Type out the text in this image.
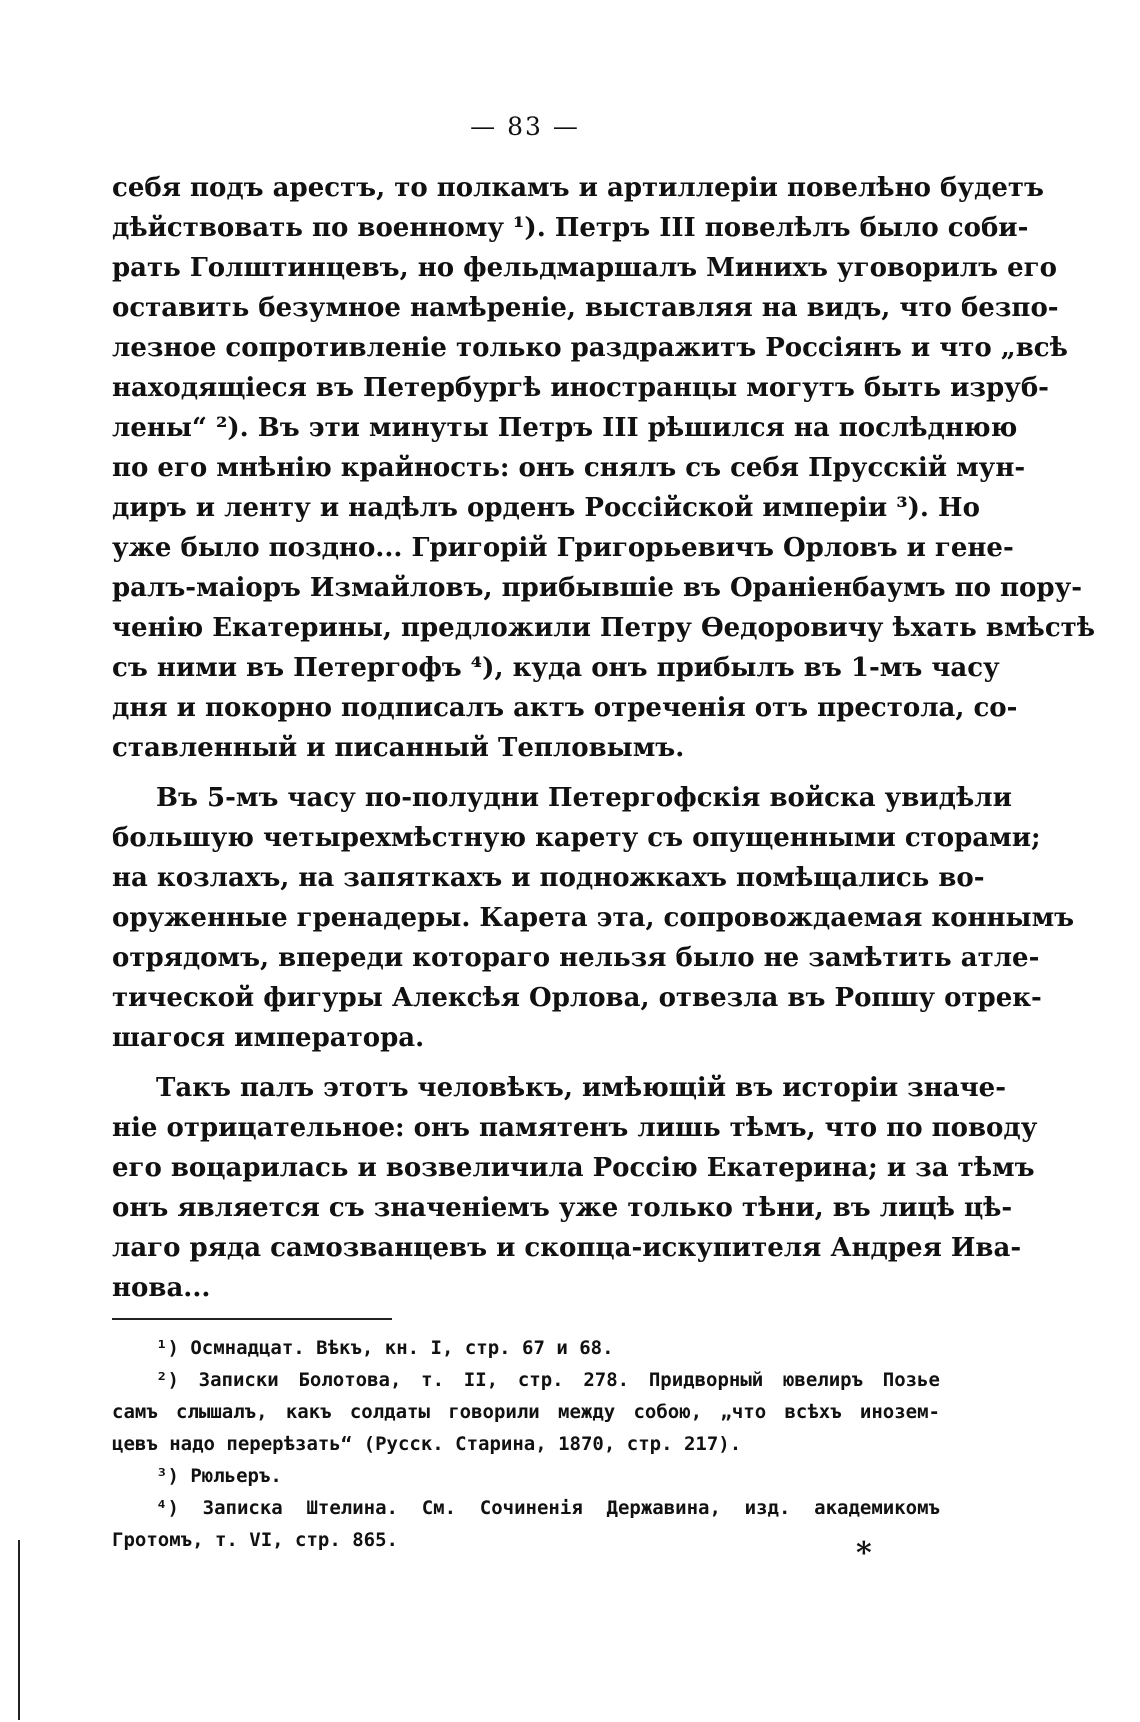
— 83 —
себя подъ арестъ, то полкамъ и артиллеріи повелѣно будетъ
дѣйствовать по военному ¹). Петръ III повелѣлъ было соби-
рать Голштинцевъ, но фельдмаршалъ Минихъ уговорилъ его
оставить безумное намѣреніе, выставляя на видъ, что безпо-
лезное сопротивленіе только раздражитъ Россіянъ и что „всѣ
находящіеся въ Петербургѣ иностранцы могутъ быть изруб-
лены“ ²). Въ эти минуты Петръ III рѣшился на послѣднюю
по его мнѣнію крайность: онъ снялъ съ себя Прусскій мун-
диръ и ленту и надѣлъ орденъ Россійской имперіи ³). Но
уже было поздно... Григорій Григорьевичъ Орловъ и гене-
ралъ-маіоръ Измайловъ, прибывшіе въ Ораніенбаумъ по пору-
ченію Екатерины, предложили Петру Ѳедоровичу ѣхать вмѣстѣ
съ ними въ Петергофъ ⁴), куда онъ прибылъ въ 1-мъ часу
дня и покорно подписалъ актъ отреченія отъ престола, со-
ставленный и писанный Тепловымъ.
Въ 5-мъ часу по-полудни Петергофскія войска увидѣли
большую четырехмѣстную карету съ опущенными сторами;
на козлахъ, на запяткахъ и подножкахъ помѣщались во-
оруженные гренадеры. Карета эта, сопровождаемая коннымъ
отрядомъ, впереди котораго нельзя было не замѣтить атле-
тической фигуры Алексѣя Орлова, отвезла въ Ропшу отрек-
шагося императора.
Такъ палъ этотъ человѣкъ, имѣющій въ исторіи значе-
ніе отрицательное: онъ памятенъ лишь тѣмъ, что по поводу
его воцарилась и возвеличила Россію Екатерина; и за тѣмъ
онъ является съ значеніемъ уже только тѣни, въ лицѣ цѣ-
лаго ряда самозванцевъ и скопца-искупителя Андрея Ива-
нова...
¹) Осмнадцат. Вѣкъ, кн. I, стр. 67 и 68.
²) Записки Болотова, т. II, стр. 278. Придворный ювелиръ Позье
самъ слышалъ, какъ солдаты говорили между собою, „что всѣхъ инозем-
цевъ надо перерѣзать“ (Русск. Старина, 1870, стр. 217).
³) Рюльеръ.
⁴) Записка Штелина. См. Сочиненія Державина, изд. академикомъ
Гротомъ, т. VI, стр. 865.	*
